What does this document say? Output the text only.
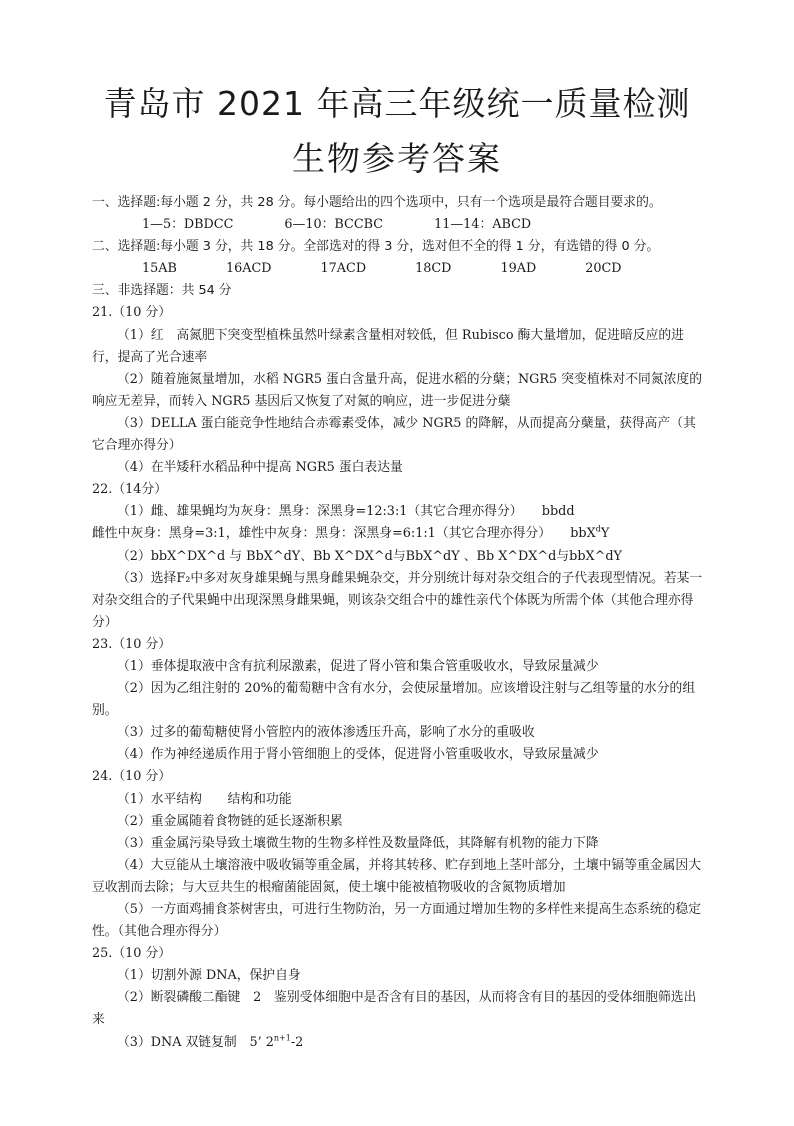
青岛市 2021 年高三年级统一质量检测
生物参考答案

一、选择题:每小题 2 分，共 28 分。每小题给出的四个选项中，只有一个选项是最符合题目要求的。

1—5：DBDCC	6—10：BCCBC	11—14：ABCD

二、选择题:每小题 3 分，共 18 分。全部选对的得 3 分，选对但不全的得 1 分，有选错的得 0 分。

15AB	16ACD	17ACD	18CD	19AD	20CD

三、非选择题：共 54 分

21.（10 分）

（1）红　高氮肥下突变型植株虽然叶绿素含量相对较低，但 Rubisco 酶大量增加，促进暗反应的进行，提高了光合速率

（2）随着施氮量增加，水稻 NGR5 蛋白含量升高，促进水稻的分蘖；NGR5 突变植株对不同氮浓度的响应无差异，而转入 NGR5 基因后又恢复了对氮的响应，进一步促进分蘖

（3）DELLA 蛋白能竞争性地结合赤霉素受体，减少 NGR5 的降解，从而提高分蘖量，获得高产（其它合理亦得分）

（4）在半矮秆水稻品种中提高 NGR5 蛋白表达量

22.（14分）

（1）雌、雄果蝇均为灰身：黑身：深黑身=12:3:1（其它合理亦得分）　　bbdd

雌性中灰身：黑身=3:1，雄性中灰身：黑身：深黑身=6:1:1（其它合理亦得分）　　bbX$^d$Y

（2）bbX^DX^d 与 BbX^dY、Bb X^DX^d与BbX^dY 、Bb X^DX^d与bbX^dY

（3）选择F₂中多对灰身雄果蝇与黑身雌果蝇杂交，并分别统计每对杂交组合的子代表现型情况。若某一对杂交组合的子代果蝇中出现深黑身雌果蝇，则该杂交组合中的雄性亲代个体既为所需个体（其他合理亦得分）

23.（10 分）

（1）垂体提取液中含有抗利尿激素，促进了肾小管和集合管重吸收水，导致尿量减少

（2）因为乙组注射的 20%的葡萄糖中含有水分，会使尿量增加。应该增设注射与乙组等量的水分的组别。

（3）过多的葡萄糖使肾小管腔内的液体渗透压升高，影响了水分的重吸收

（4）作为神经递质作用于肾小管细胞上的受体，促进肾小管重吸收水，导致尿量减少

24.（10 分）

（1）水平结构　　结构和功能

（2）重金属随着食物链的延长逐渐积累

（3）重金属污染导致土壤微生物的生物多样性及数量降低，其降解有机物的能力下降

（4）大豆能从土壤溶液中吸收镉等重金属，并将其转移、贮存到地上茎叶部分，土壤中镉等重金属因大豆收割而去除；与大豆共生的根瘤菌能固氮，使土壤中能被植物吸收的含氮物质增加

（5）一方面鸡捕食茶树害虫，可进行生物防治，另一方面通过增加生物的多样性来提高生态系统的稳定性。（其他合理亦得分）

25.（10 分）

（1）切割外源 DNA，保护自身

（2）断裂磷酸二酯键　2　鉴别受体细胞中是否含有目的基因，从而将含有目的基因的受体细胞筛选出来

（3）DNA 双链复制　5’ $2^{n+1}-2$
